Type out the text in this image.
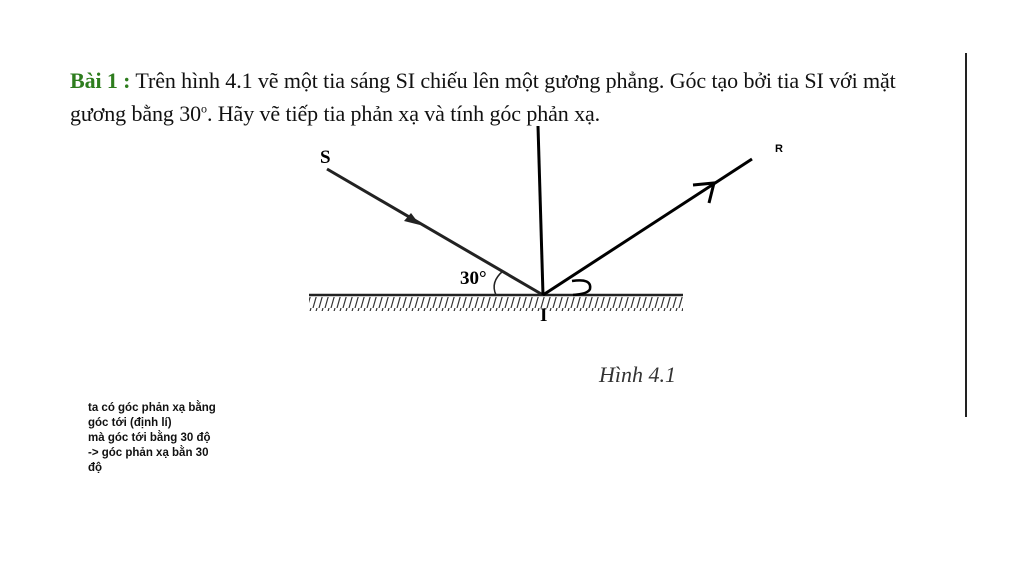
Bài 1 : Trên hình 4.1 vẽ một tia sáng SI chiếu lên một gương phẳng. Góc tạo bởi tia SI với mặt gương bằng 30$^o$. Hãy vẽ tiếp tia phản xạ và tính góc phản xạ.
S
I
R
30°
Hình 4.1
ta có góc phản xạ bằng
góc tới (định lí)
mà góc tới bằng 30 độ
-> góc phản xạ bằn 30
độ
